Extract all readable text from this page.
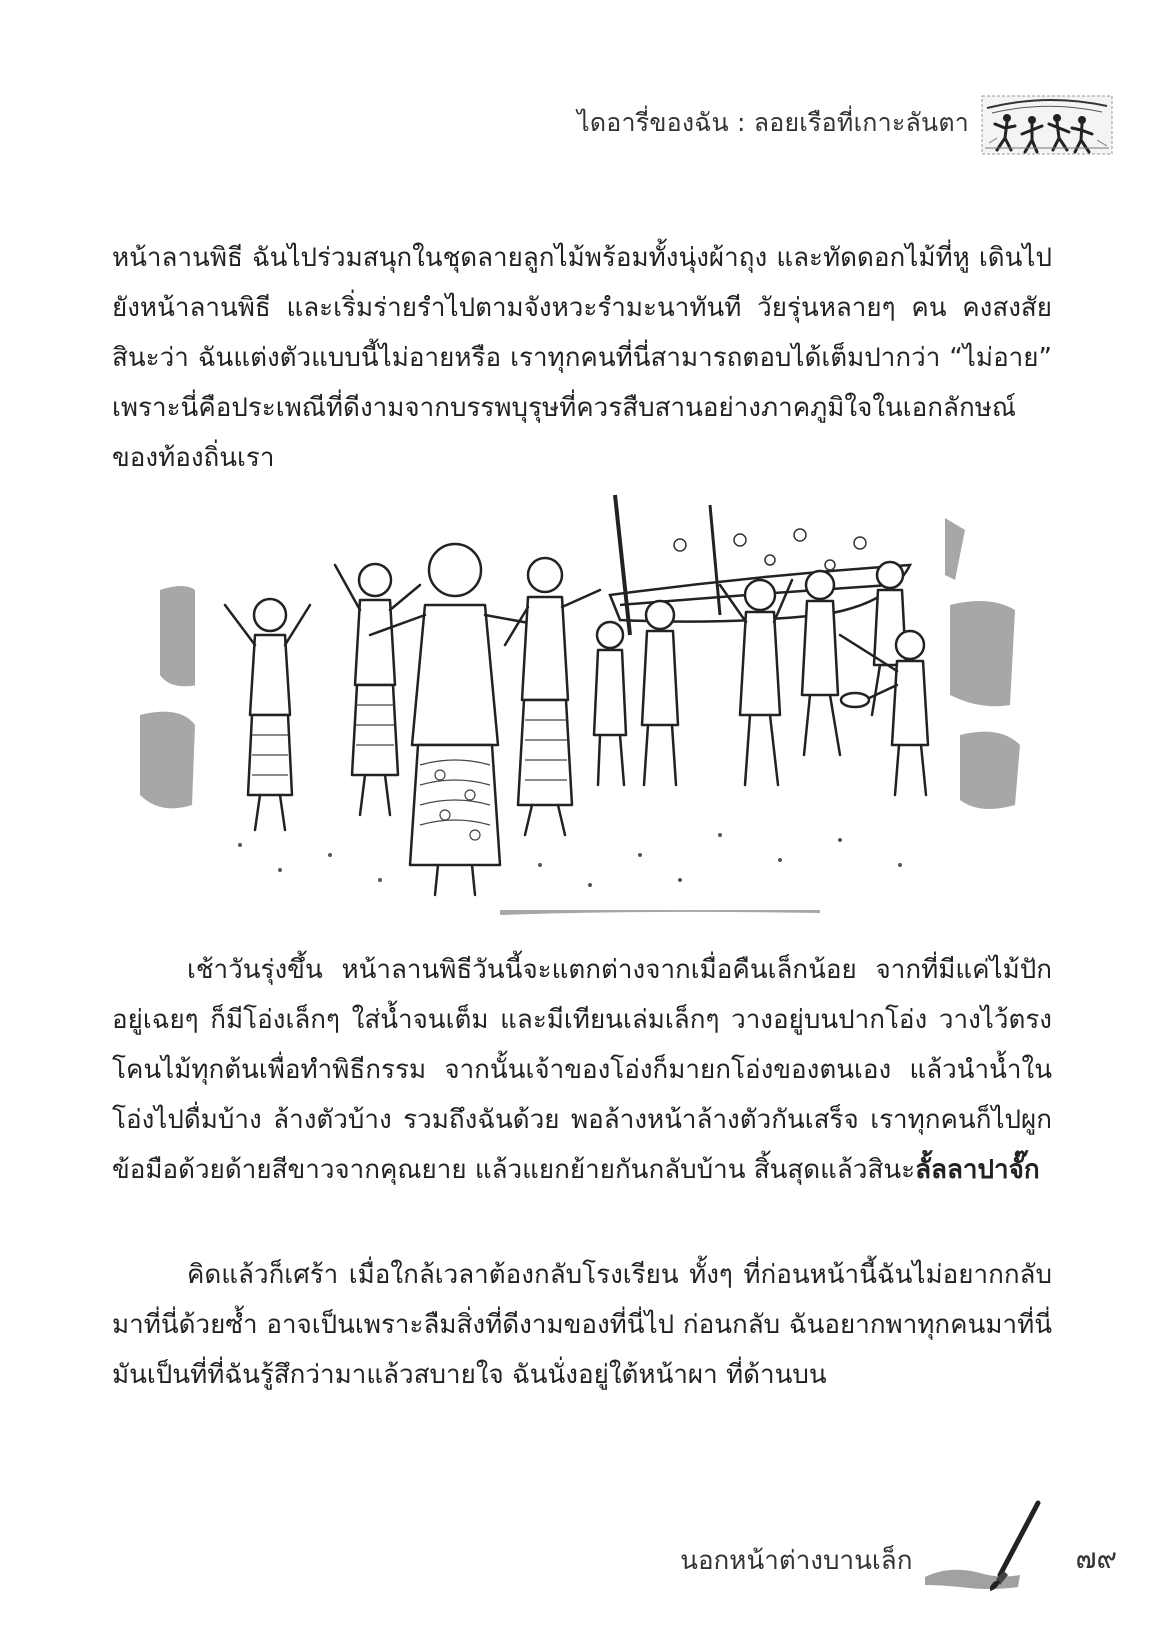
ไดอารี่ของฉัน : ลอยเรือที่เกาะลันตา
หน้าลานพิธี ฉันไปร่วมสนุกในชุดลายลูกไม้พร้อมทั้งนุ่งผ้าถุง และทัดดอกไม้ที่หู เดินไปยังหน้าลานพิธี และเริ่มร่ายรำไปตามจังหวะรำมะนาทันที วัยรุ่นหลายๆ คน คงสงสัยสินะว่า ฉันแต่งตัวแบบนี้ไม่อายหรือ เราทุกคนที่นี่สามารถตอบได้เต็มปากว่า “ไม่อาย” เพราะนี่คือประเพณีที่ดีงามจากบรรพบุรุษที่ควรสืบสานอย่างภาคภูมิใจในเอกลักษณ์ของท้องถิ่นเรา
เช้าวันรุ่งขึ้น หน้าลานพิธีวันนี้จะแตกต่างจากเมื่อคืนเล็กน้อย จากที่มีแค่ไม้ปักอยู่เฉยๆ ก็มีโอ่งเล็กๆ ใส่น้ำจนเต็ม และมีเทียนเล่มเล็กๆ วางอยู่บนปากโอ่ง วางไว้ตรงโคนไม้ทุกต้นเพื่อทำพิธีกรรม จากนั้นเจ้าของโอ่งก็มายกโอ่งของตนเอง แล้วนำน้ำในโอ่งไปดื่มบ้าง ล้างตัวบ้าง รวมถึงฉันด้วย พอล้างหน้าล้างตัวกันเสร็จ เราทุกคนก็ไปผูกข้อมือด้วยด้ายสีขาวจากคุณยาย แล้วแยกย้ายกันกลับบ้าน สิ้นสุดแล้วสินะลั้ลลาปาจั๊ก
คิดแล้วก็เศร้า เมื่อใกล้เวลาต้องกลับโรงเรียน ทั้งๆ ที่ก่อนหน้านี้ฉันไม่อยากกลับมาที่นี่ด้วยซ้ำ อาจเป็นเพราะลืมสิ่งที่ดีงามของที่นี่ไป ก่อนกลับ ฉันอยากพาทุกคนมาที่นี่ มันเป็นที่ที่ฉันรู้สึกว่ามาแล้วสบายใจ ฉันนั่งอยู่ใต้หน้าผา ที่ด้านบน
นอกหน้าต่างบานเล็ก	๗๙
